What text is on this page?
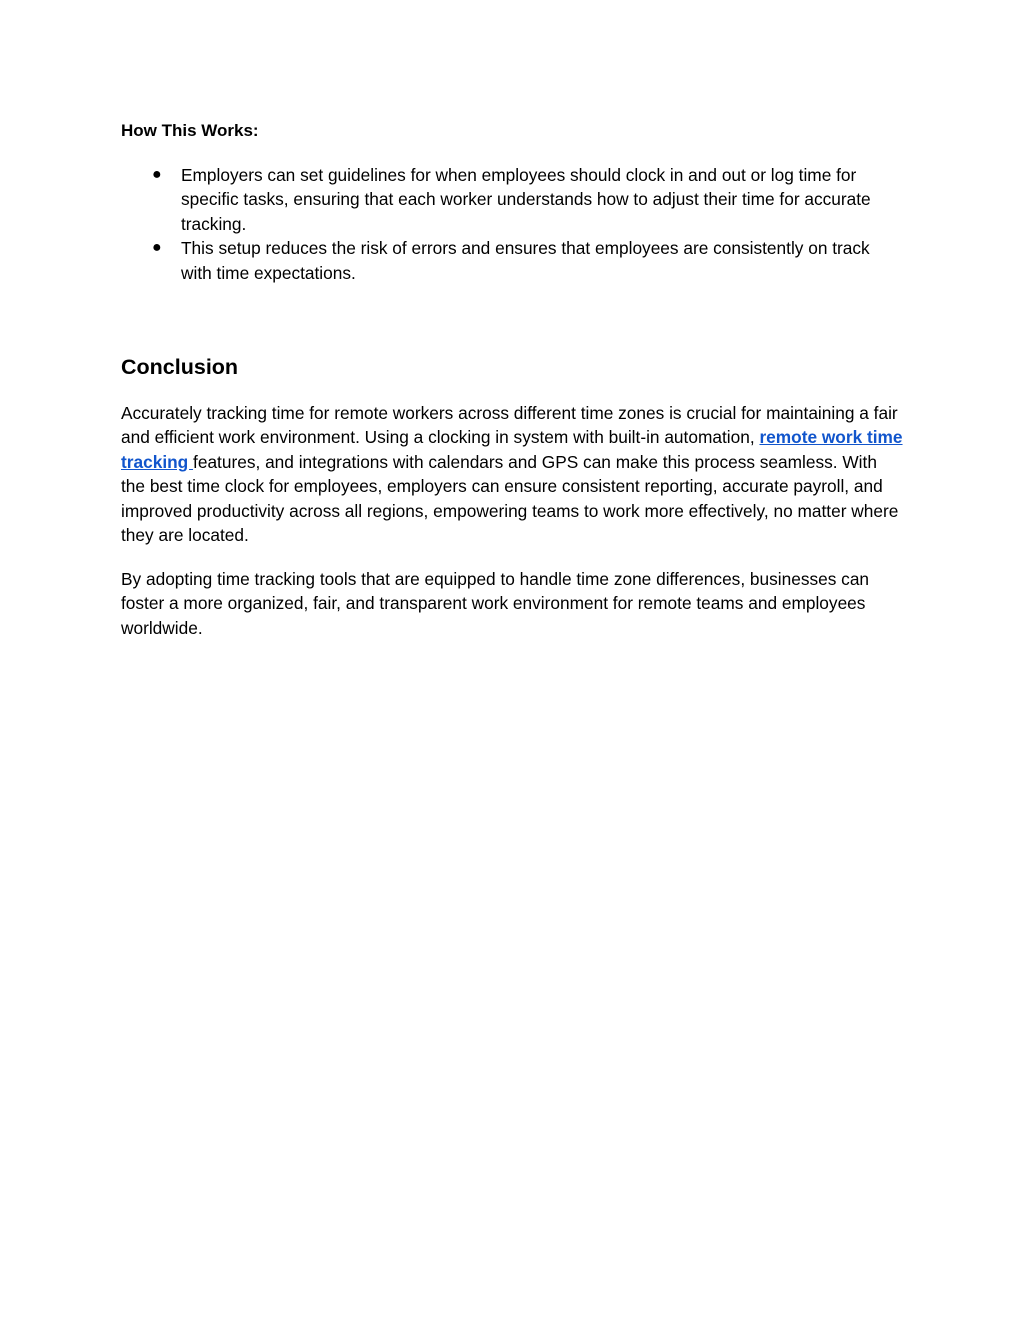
How This Works:
● Employers can set guidelines for when employees should clock in and out or log time for specific tasks, ensuring that each worker understands how to adjust their time for accurate tracking.
● This setup reduces the risk of errors and ensures that employees are consistently on track with time expectations.
Conclusion

Accurately tracking time for remote workers across different time zones is crucial for maintaining a fair and efficient work environment. Using a clocking in system with built-in automation, remote work time tracking features, and integrations with calendars and GPS can make this process seamless. With the best time clock for employees, employers can ensure consistent reporting, accurate payroll, and improved productivity across all regions, empowering teams to work more effectively, no matter where they are located.

By adopting time tracking tools that are equipped to handle time zone differences, businesses can foster a more organized, fair, and transparent work environment for remote teams and employees worldwide.
